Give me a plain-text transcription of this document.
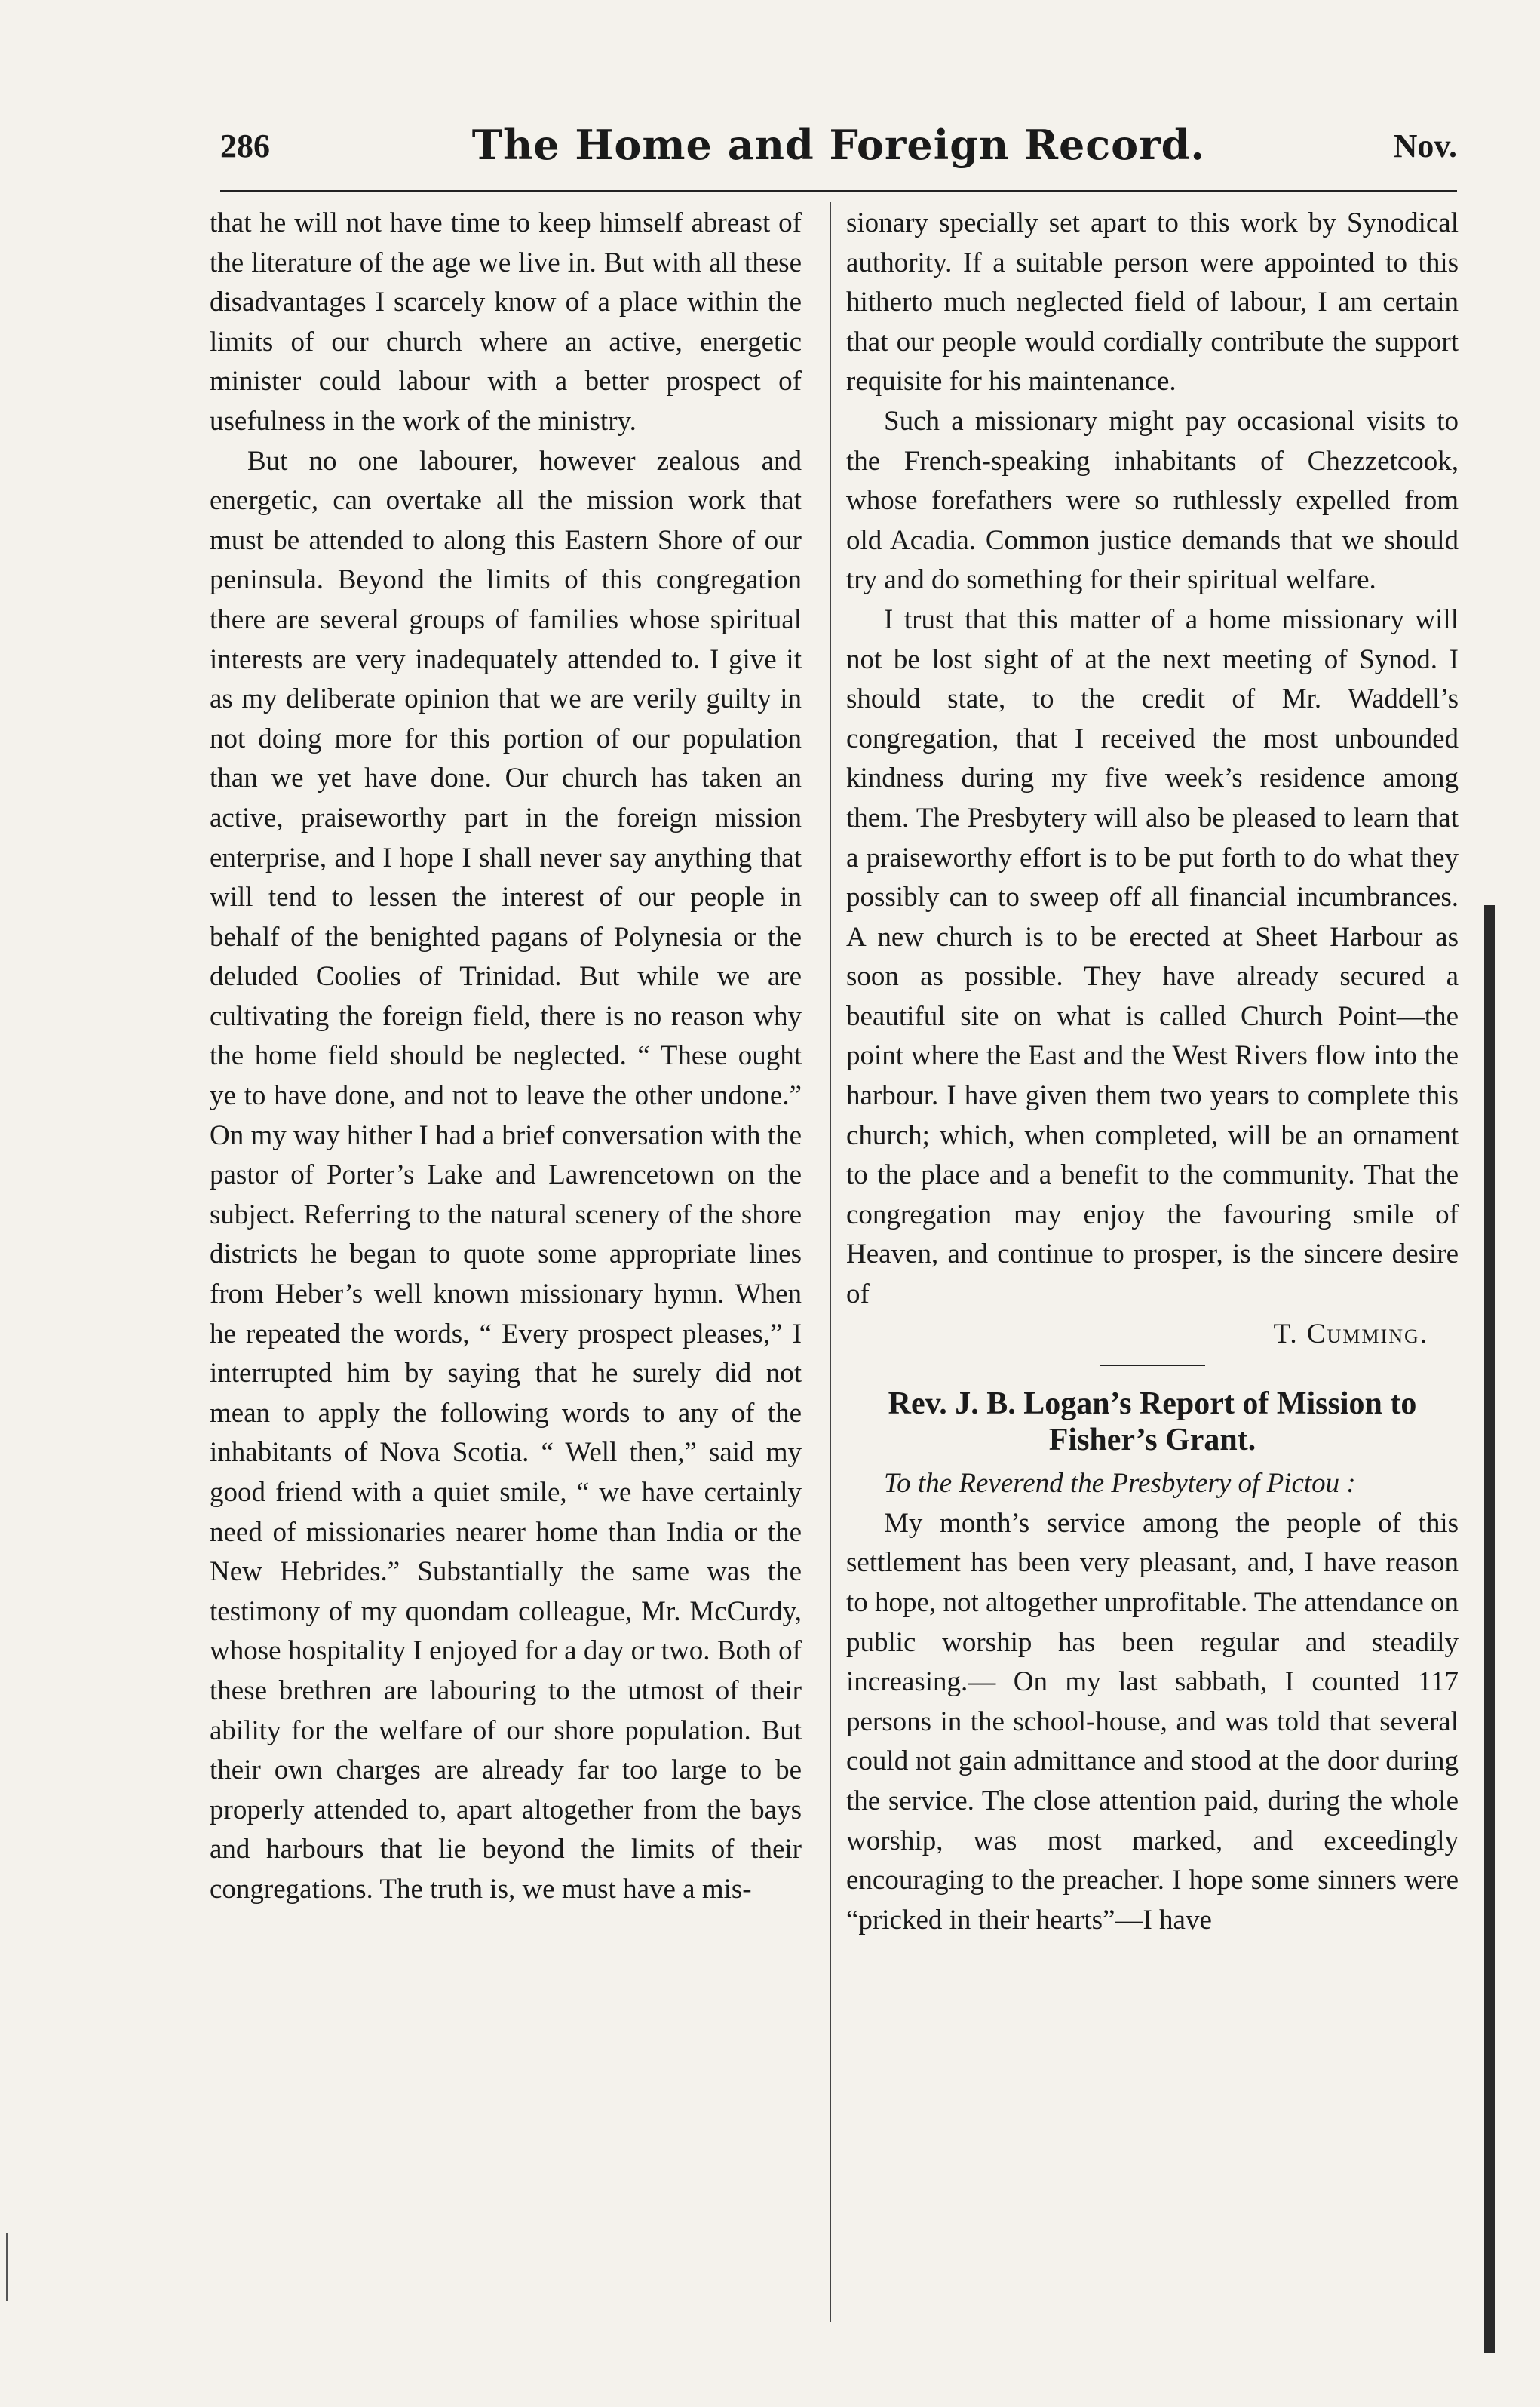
286	The Home and Foreign Record.	Nov.

that he will not have time to keep himself abreast of the literature of the age we live in. But with all these disadvantages I scarcely know of a place within the limits of our church where an active, energetic minister could labour with a better prospect of usefulness in the work of the ministry.

But no one labourer, however zealous and energetic, can overtake all the mission work that must be attended to along this Eastern Shore of our peninsula. Beyond the limits of this congregation there are several groups of families whose spiritual interests are very inadequately attended to. I give it as my deliberate opinion that we are verily guilty in not doing more for this portion of our population than we yet have done. Our church has taken an active, praiseworthy part in the foreign mission enterprise, and I hope I shall never say anything that will tend to lessen the interest of our people in behalf of the benighted pagans of Polynesia or the deluded Coolies of Trinidad. But while we are cultivating the foreign field, there is no reason why the home field should be neglected. “ These ought ye to have done, and not to leave the other undone.” On my way hither I had a brief conversation with the pastor of Porter’s Lake and Lawrencetown on the subject. Referring to the natural scenery of the shore districts he began to quote some appropriate lines from Heber’s well known missionary hymn. When he repeated the words, “ Every prospect pleases,” I interrupted him by saying that he surely did not mean to apply the following words to any of the inhabitants of Nova Scotia. “ Well then,” said my good friend with a quiet smile, “ we have certainly need of missionaries nearer home than India or the New Hebrides.” Substantially the same was the testimony of my quondam colleague, Mr. McCurdy, whose hospitality I enjoyed for a day or two. Both of these brethren are labouring to the utmost of their ability for the welfare of our shore population. But their own charges are already far too large to be properly attended to, apart altogether from the bays and harbours that lie beyond the limits of their congregations. The truth is, we must have a mis-

sionary specially set apart to this work by Synodical authority. If a suitable person were appointed to this hitherto much neglected field of labour, I am certain that our people would cordially contribute the support requisite for his maintenance.

Such a missionary might pay occasional visits to the French-speaking inhabitants of Chezzetcook, whose forefathers were so ruthlessly expelled from old Acadia. Common justice demands that we should try and do something for their spiritual welfare.

I trust that this matter of a home missionary will not be lost sight of at the next meeting of Synod. I should state, to the credit of Mr. Waddell’s congregation, that I received the most unbounded kindness during my five week’s residence among them. The Presbytery will also be pleased to learn that a praiseworthy effort is to be put forth to do what they possibly can to sweep off all financial incumbrances. A new church is to be erected at Sheet Harbour as soon as possible. They have already secured a beautiful site on what is called Church Point—the point where the East and the West Rivers flow into the harbour. I have given them two years to complete this church; which, when completed, will be an ornament to the place and a benefit to the community. That the congregation may enjoy the favouring smile of Heaven, and continue to prosper, is the sincere desire of

T. Cumming.

Rev. J. B. Logan’s Report of Mission to Fisher’s Grant.

To the Reverend the Presbytery of Pictou :

My month’s service among the people of this settlement has been very pleasant, and, I have reason to hope, not altogether unprofitable. The attendance on public worship has been regular and steadily increasing.— On my last sabbath, I counted 117 persons in the school-house, and was told that several could not gain admittance and stood at the door during the service. The close attention paid, during the whole worship, was most marked, and exceedingly encouraging to the preacher. I hope some sinners were “pricked in their hearts”—I have
